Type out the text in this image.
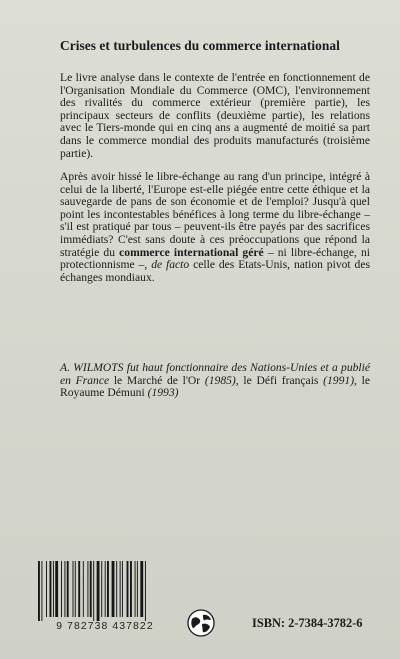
Crises et turbulences du commerce international
Le livre analyse dans le contexte de l'entrée en fonctionnement de l'Organisation Mondiale du Commerce (OMC), l'environnement des rivalités du commerce extérieur (première partie), les principaux secteurs de conflits (deuxième partie), les relations avec le Tiers-monde qui en cinq ans a augmenté de moitié sa part dans le commerce mondial des produits manufacturés (troisième partie).
Après avoir hissé le libre-échange au rang d'un principe, intégré à celui de la liberté, l'Europe est-elle piégée entre cette éthique et la sauvegarde de pans de son économie et de l'emploi? Jusqu'à quel point les incontestables bénéfices à long terme du libre-échange – s'il est pratiqué par tous – peuvent-ils être payés par des sacrifices immédiats? C'est sans doute à ces préoccupations que répond la stratégie du commerce international géré – ni libre-échange, ni protectionnisme –, de facto celle des Etats-Unis, nation pivot des échanges mondiaux.
A. WILMOTS fut haut fonctionnaire des Nations-Unies et a publié en France le Marché de l'Or (1985), le Défi français (1991), le Royaume Démuni (1993)
9 782738 437822	ISBN: 2-7384-3782-6
